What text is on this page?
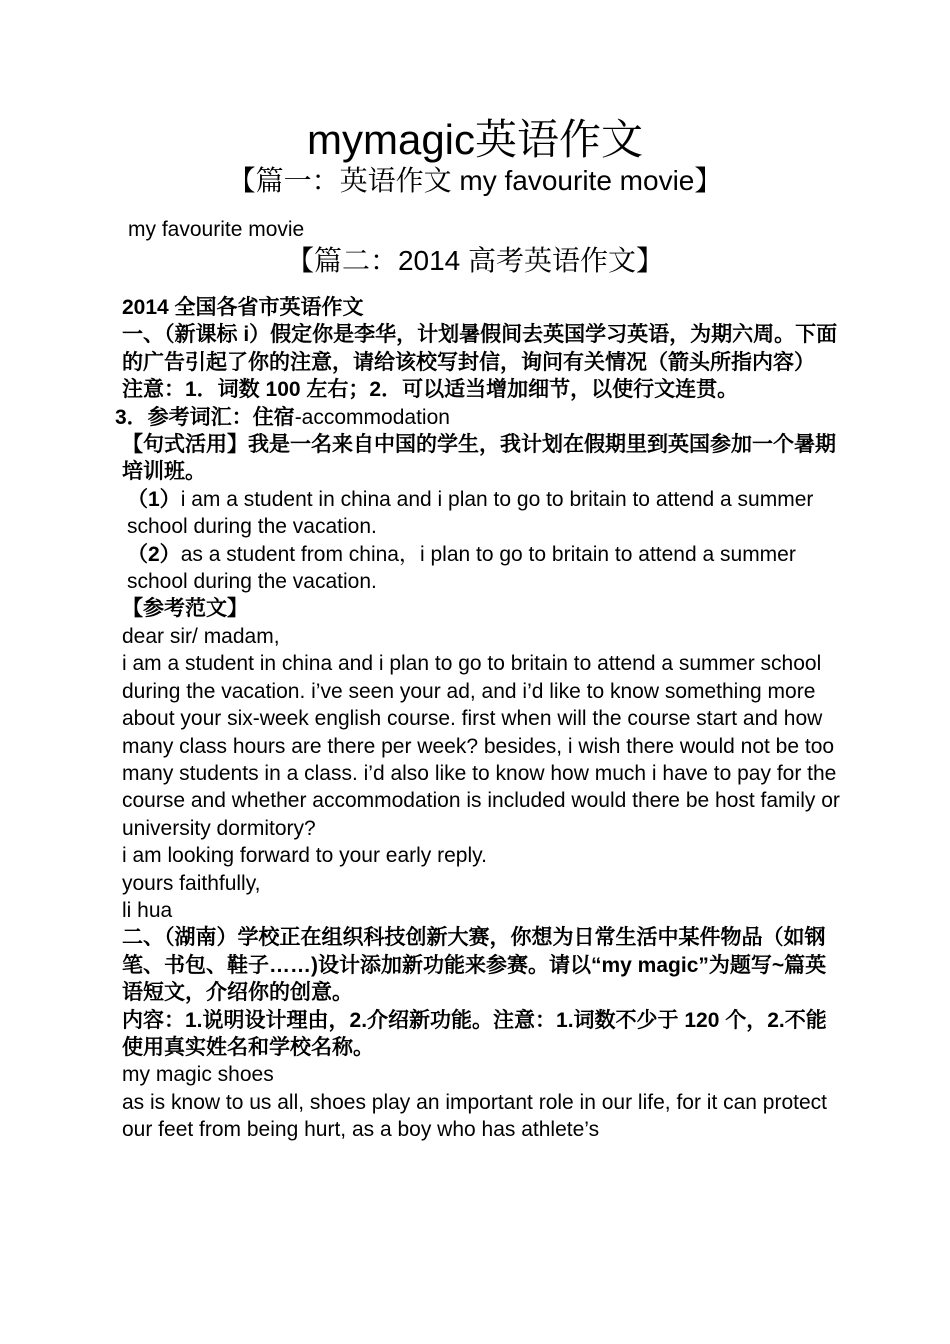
mymagic英语作文
【篇一：英语作文 my favourite movie】
my favourite movie
【篇二：2014 高考英语作文】

2014 全国各省市英语作文

一、（新课标 i）假定你是李华，计划暑假间去英国学习英语，为期六周。下面的广告引起了你的注意，请给该校写封信，询问有关情况（箭头所指内容）

注意：1．词数 100 左右；2．可以适当增加细节，以使行文连贯。

3．参考词汇：住宿-accommodation

【句式活用】我是一名来自中国的学生，我计划在假期里到英国参加一个暑期培训班。

（1）i am a student in china and i plan to go to britain to attend a summer school during the vacation.

（2）as a student from china，i plan to go to britain to attend a summer school during the vacation.

【参考范文】

dear sir/ madam,

i am a student in china and i plan to go to britain to attend a summer school during the vacation. i’ve seen your ad, and i’d like to know something more about your six-week english course. first when will the course start and how many class hours are there per week? besides, i wish there would not be too many students in a class. i’d also like to know how much i have to pay for the course and whether accommodation is included would there be host family or university dormitory?

i am looking forward to your early reply.

yours faithfully,

li hua

二、（湖南）学校正在组织科技创新大赛，你想为日常生活中某件物品（如钢笔、书包、鞋子……)设计添加新功能来参赛。请以“my magic”为题写~篇英语短文，介绍你的创意。

内容：1.说明设计理由，2.介绍新功能。注意：1.词数不少于 120 个，2.不能使用真实姓名和学校名称。

my magic shoes

as is know to us all, shoes play an important role in our life, for it can protect our feet from being hurt, as a boy who has athlete’s
